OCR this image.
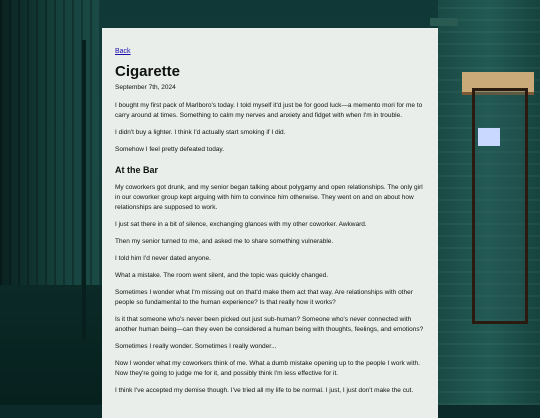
Back
Cigarette
September 7th, 2024

I bought my first pack of Marlboro's today. I told myself it'd just be for good luck—a memento mori for me to carry around at times. Something to calm my nerves and anxiety and fidget with when I'm in trouble.

I didn't buy a lighter. I think I'd actually start smoking if I did.

Somehow I feel pretty defeated today.

At the Bar

My coworkers got drunk, and my senior began talking about polygamy and open relationships. The only girl in our coworker group kept arguing with him to convince him otherwise. They went on and on about how relationships are supposed to work.

I just sat there in a bit of silence, exchanging glances with my other coworker. Awkward.

Then my senior turned to me, and asked me to share something vulnerable.

I told him I'd never dated anyone.

What a mistake. The room went silent, and the topic was quickly changed.

Sometimes I wonder what I'm missing out on that'd make them act that way. Are relationships with other people so fundamental to the human experience? Is that really how it works?

Is it that someone who's never been picked out just sub-human? Someone who's never connected with another human being—can they even be considered a human being with thoughts, feelings, and emotions?

Sometimes I really wonder. Sometimes I really wonder...

Now I wonder what my coworkers think of me. What a dumb mistake opening up to the people I work with. Now they're going to judge me for it, and possibly think I'm less effective for it.

I think I've accepted my demise though. I've tried all my life to be normal. I just, I just don't make the cut.
